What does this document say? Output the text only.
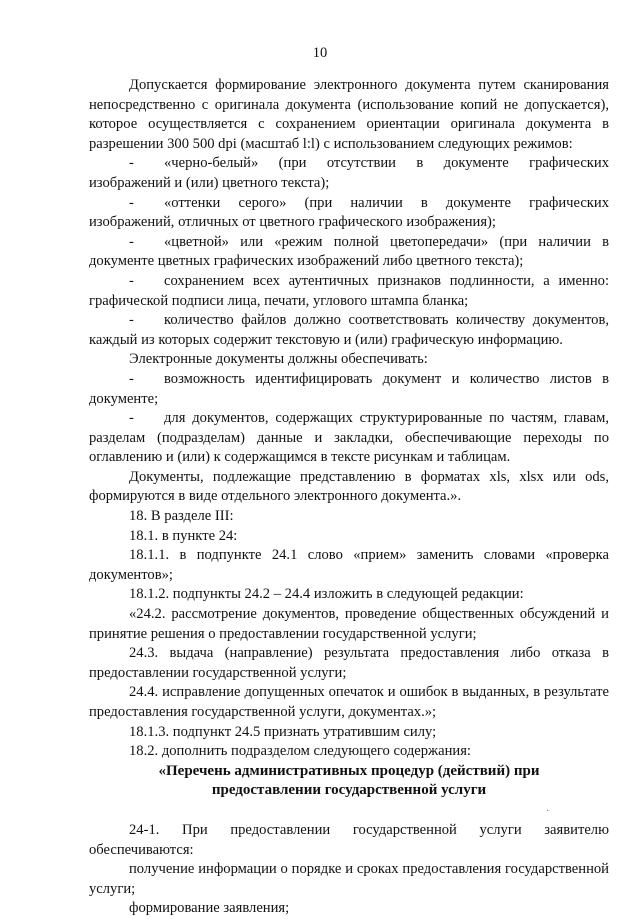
10

Допускается формирование электронного документа путем сканирования непосредственно с оригинала документа (использование копий не допускается), которое осуществляется с сохранением ориентации оригинала документа в разрешении 300 500 dpi (масштаб l:l) с использованием следующих режимов:

- «черно-белый» (при отсутствии в документе графических изображений и (или) цветного текста);

- «оттенки серого» (при наличии в документе графических изображений, отличных от цветного графического изображения);

- «цветной» или «режим полной цветопередачи» (при наличии в документе цветных графических изображений либо цветного текста);

- сохранением всех аутентичных признаков подлинности, а именно: графической подписи лица, печати, углового штампа бланка;

- количество файлов должно соответствовать количеству документов, каждый из которых содержит текстовую и (или) графическую информацию.

Электронные документы должны обеспечивать:

- возможность идентифицировать документ и количество листов в документе;

- для документов, содержащих структурированные по частям, главам, разделам (подразделам) данные и закладки, обеспечивающие переходы по оглавлению и (или) к содержащимся в тексте рисункам и таблицам.

Документы, подлежащие представлению в форматах xls, xlsx или ods, формируются в виде отдельного электронного документа.».

18. В разделе III:

18.1. в пункте 24:

18.1.1. в подпункте 24.1 слово «прием» заменить словами «проверка документов»;

18.1.2. подпункты 24.2 – 24.4 изложить в следующей редакции:

«24.2. рассмотрение документов, проведение общественных обсуждений и принятие решения о предоставлении государственной услуги;

24.3. выдача (направление) результата предоставления либо отказа в предоставлении государственной услуги;

24.4. исправление допущенных опечаток и ошибок в выданных, в результате предоставления государственной услуги, документах.»;

18.1.3. подпункт 24.5 признать утратившим силу;

18.2. дополнить подразделом следующего содержания:

«Перечень административных процедур (действий) при

предоставлении государственной услуги

24-1. При предоставлении государственной услуги заявителю обеспечиваются:

получение информации о порядке и сроках предоставления государственной услуги;

формирование заявления;

·
